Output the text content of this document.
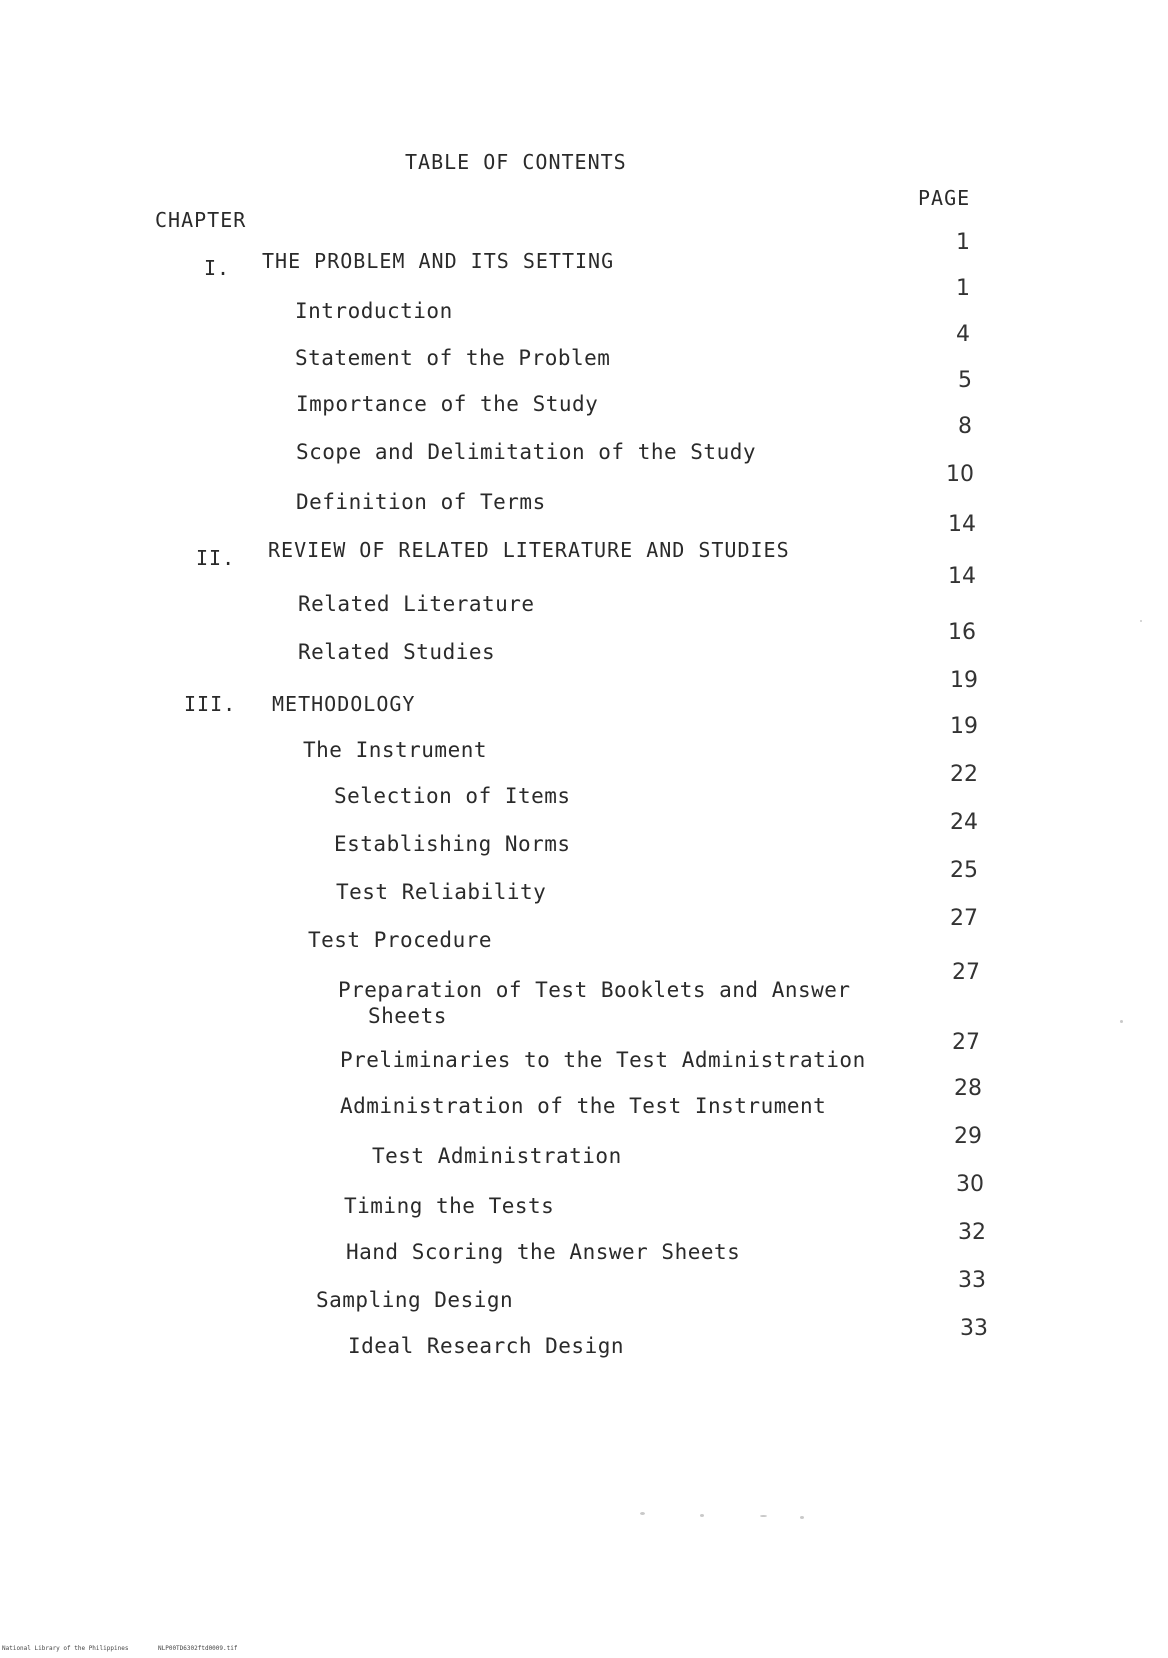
TABLE OF CONTENTS
PAGE
CHAPTER
I. THE PROBLEM AND ITS SETTING
1
Introduction
1
Statement of the Problem
4
Importance of the Study
5
Scope and Delimitation of the Study
8
Definition of Terms
10
II. REVIEW OF RELATED LITERATURE AND STUDIES
14
Related Literature
14
Related Studies
16
III. METHODOLOGY
19
The Instrument
19
Selection of Items
22
Establishing Norms
24
Test Reliability
25
Test Procedure
27
Preparation of Test Booklets and Answer
Sheets
27
Preliminaries to the Test Administration
27
Administration of the Test Instrument
28
Test Administration
29
Timing the Tests
30
Hand Scoring the Answer Sheets
32
Sampling Design
33
Ideal Research Design
33
National Library of the Philippines	NLP00TD6302ftd0009.tif
